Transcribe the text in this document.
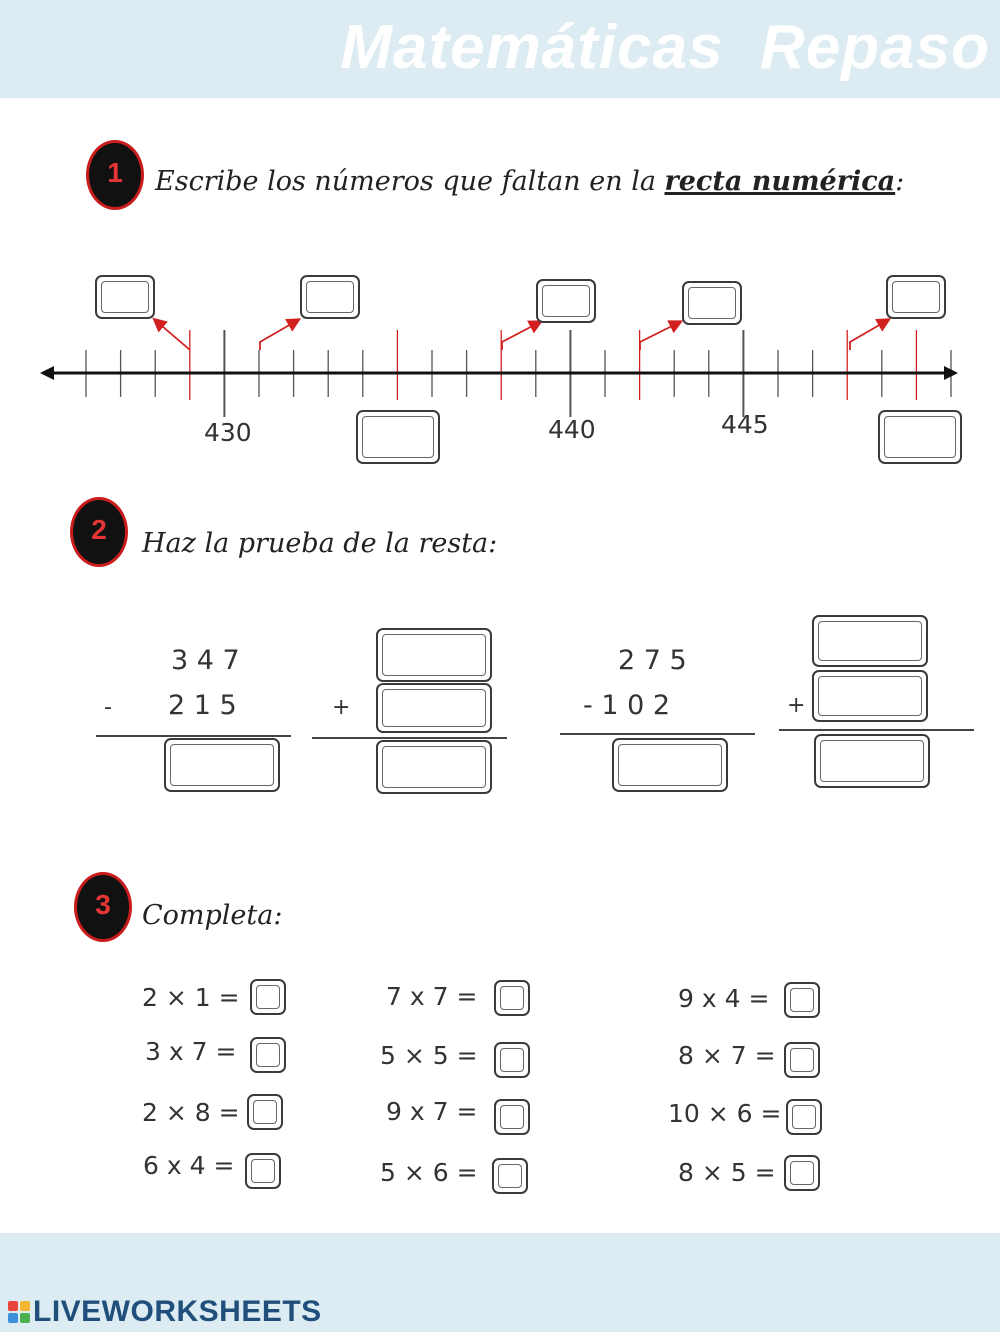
Matemáticas  Repaso
1	Escribe los números que faltan en la recta numérica:
430	440	445
2	Haz la prueba de la resta:
3 4 7
- 2 1 5	+
2 7 5
- 1 0 2	+
3	Completa:
2 × 1 =
3 x 7 =
2 × 8 =
6 x 4 =
7 x 7 =
5 × 5 =
9 x 7 =
5 × 6 =
9 x 4 =
8 × 7 =
10 × 6 =
8 × 5 =
LIVEWORKSHEETS
